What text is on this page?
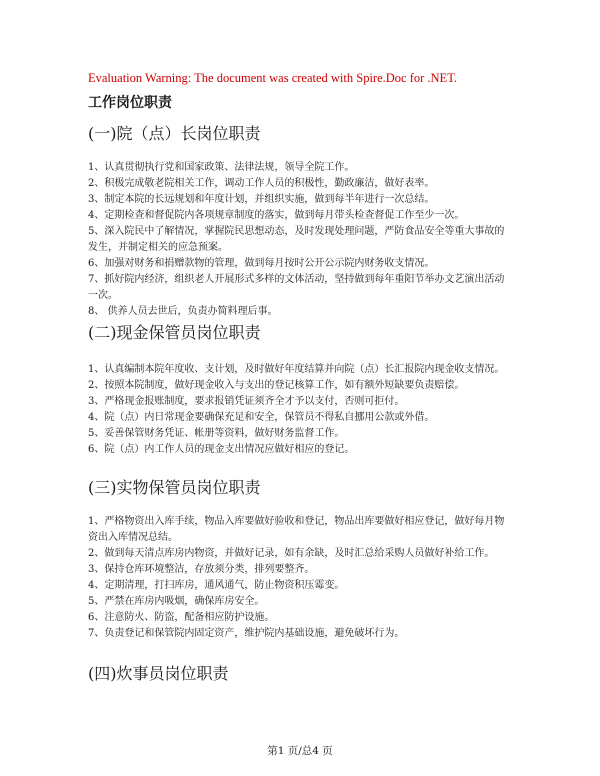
Evaluation Warning: The document was created with Spire.Doc for .NET.
工作岗位职责
(一)院（点）长岗位职责
1、认真贯彻执行党和国家政策、法律法规，领导全院工作。
2、积极完成敬老院相关工作，调动工作人员的积极性，勤政廉洁，做好表率。
3、制定本院的长远规划和年度计划，并组织实施，做到每半年进行一次总结。
4、定期检查和督促院内各项规章制度的落实，做到每月带头检查督促工作至少一次。
5、深入院民中了解情况，掌握院民思想动态，及时发现处理问题，严防食品安全等重大事故的
发生，并制定相关的应急预案。
6、加强对财务和捐赠款物的管理，做到每月按时公开公示院内财务收支情况。
7、抓好院内经济，组织老人开展形式多样的文体活动，坚持做到每年重阳节举办文艺演出活动
一次。
8、 供养人员去世后，负责办简料理后事。
(二)现金保管员岗位职责
1、认真编制本院年度收、支计划，及时做好年度结算并向院（点）长汇报院内现金收支情况。
2、按照本院制度，做好现金收入与支出的登记核算工作，如有额外短缺要负责赔偿。
3、严格现金报账制度，要求报销凭证须齐全才予以支付，否则可拒付。
4、院（点）内日常现金要确保充足和安全，保管员不得私自挪用公款或外借。
5、妥善保管财务凭证、帐册等资料，做好财务监督工作。
6、院（点）内工作人员的现金支出情况应做好相应的登记。
(三)实物保管员岗位职责
1、严格物资出入库手续，物品入库要做好验收和登记，物品出库要做好相应登记，做好每月物
资出入库情况总结。
2、做到每天清点库房内物资，并做好记录，如有余缺，及时汇总给采购人员做好补给工作。
3、保持仓库环境整洁，存放须分类，排列要整齐。
4、定期清理，打扫库房，通风通气，防止物资积压霉变。
5、严禁在库房内吸烟，确保库房安全。
6、注意防火、防盗，配备相应防护设施。
7、负责登记和保管院内固定资产，维护院内基础设施，避免破坏行为。
(四)炊事员岗位职责
第1 页/总4 页
